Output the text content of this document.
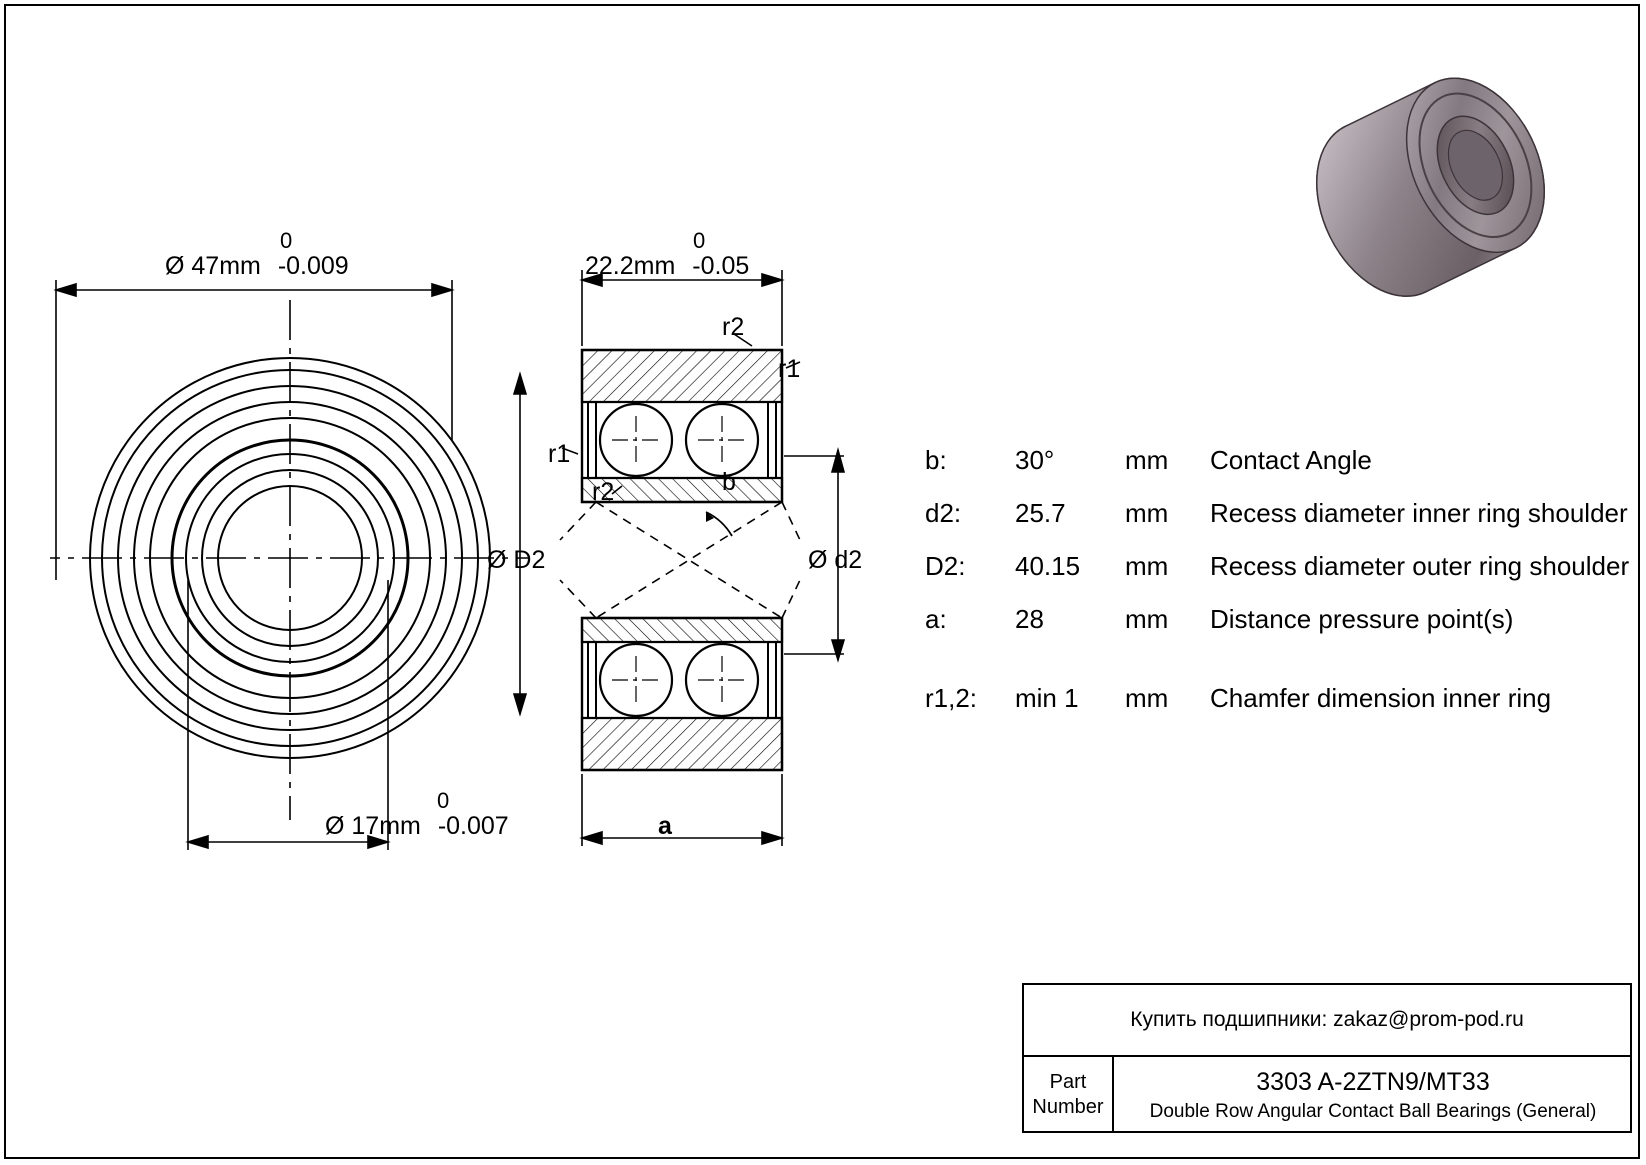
0
Ø 47mm -0.009
0
Ø 17mm -0.007
0
22.2mm -0.05
r2
r1
r1
r2	b
Ø D2	Ø d2
a
b:	30°	mm	Contact Angle
d2:	25.7	mm	Recess diameter inner ring shoulder
D2:	40.15	mm	Recess diameter outer ring shoulder
a:	28	mm	Distance pressure point(s)
r1,2:	min 1	mm	Chamfer dimension inner ring
Купить подшипники: zakaz@prom-pod.ru
Part
Number
3303 A-2ZTN9/MT33
Double Row Angular Contact Ball Bearings (General)
